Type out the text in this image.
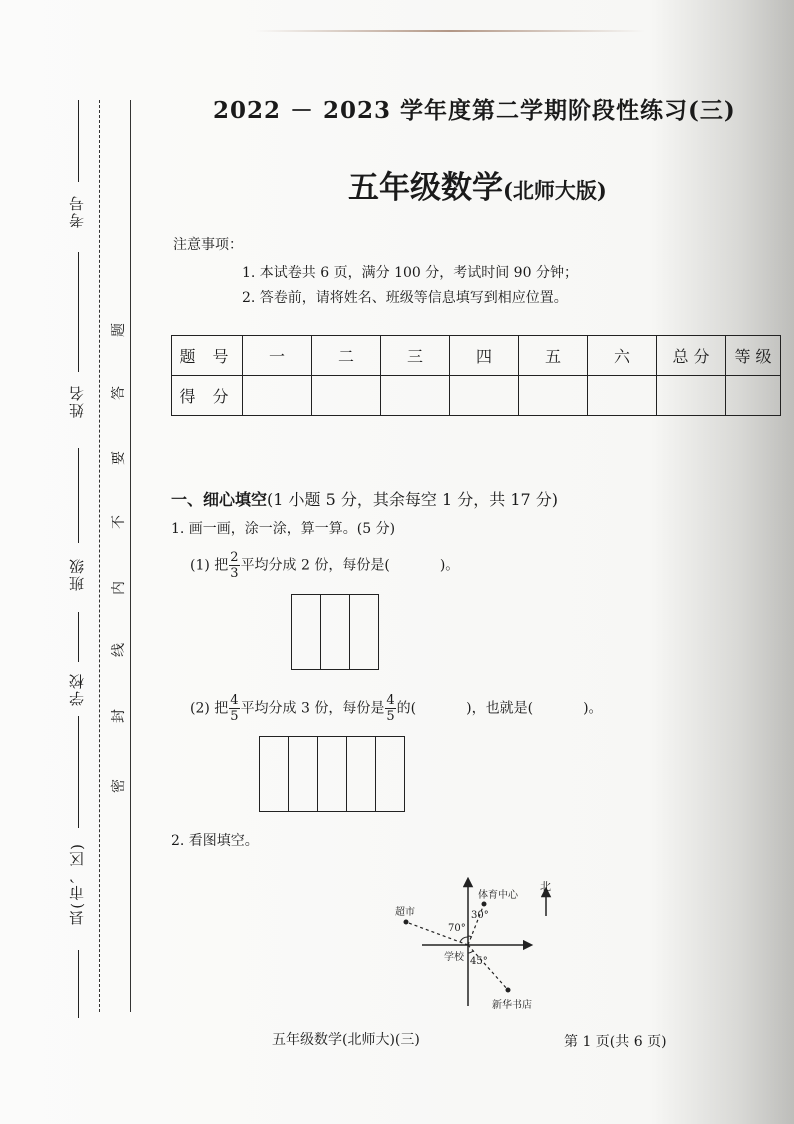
考号
姓名
班级
学校
县(市、区)
题
答
要
不
内
线
封
密
2022 － 2023 学年度第二学期阶段性练习(三)
五年级数学(北师大版)
注意事项：
1. 本试卷共 6 页，满分 100 分，考试时间 90 分钟；
2. 答卷前，请将姓名、班级等信息填写到相应位置。
题 号	一	二	三	四	五	六	总 分	等 级
得 分								
一、细心填空(1 小题 5 分，其余每空 1 分，共 17 分)
1. 画一画，涂一涂，算一算。(5 分)
(1) 把 $\frac{2}{3}$ 平均分成 2 份，每份是(	)。
(2) 把 $\frac{4}{5}$ 平均分成 3 份，每份是 $\frac{4}{5}$ 的(	)，也就是(	)。
2. 看图填空。
北
体育中心
超市
学校
新华书店
70°
30°
45°
五年级数学(北师大)(三)	第 1 页(共 6 页)
